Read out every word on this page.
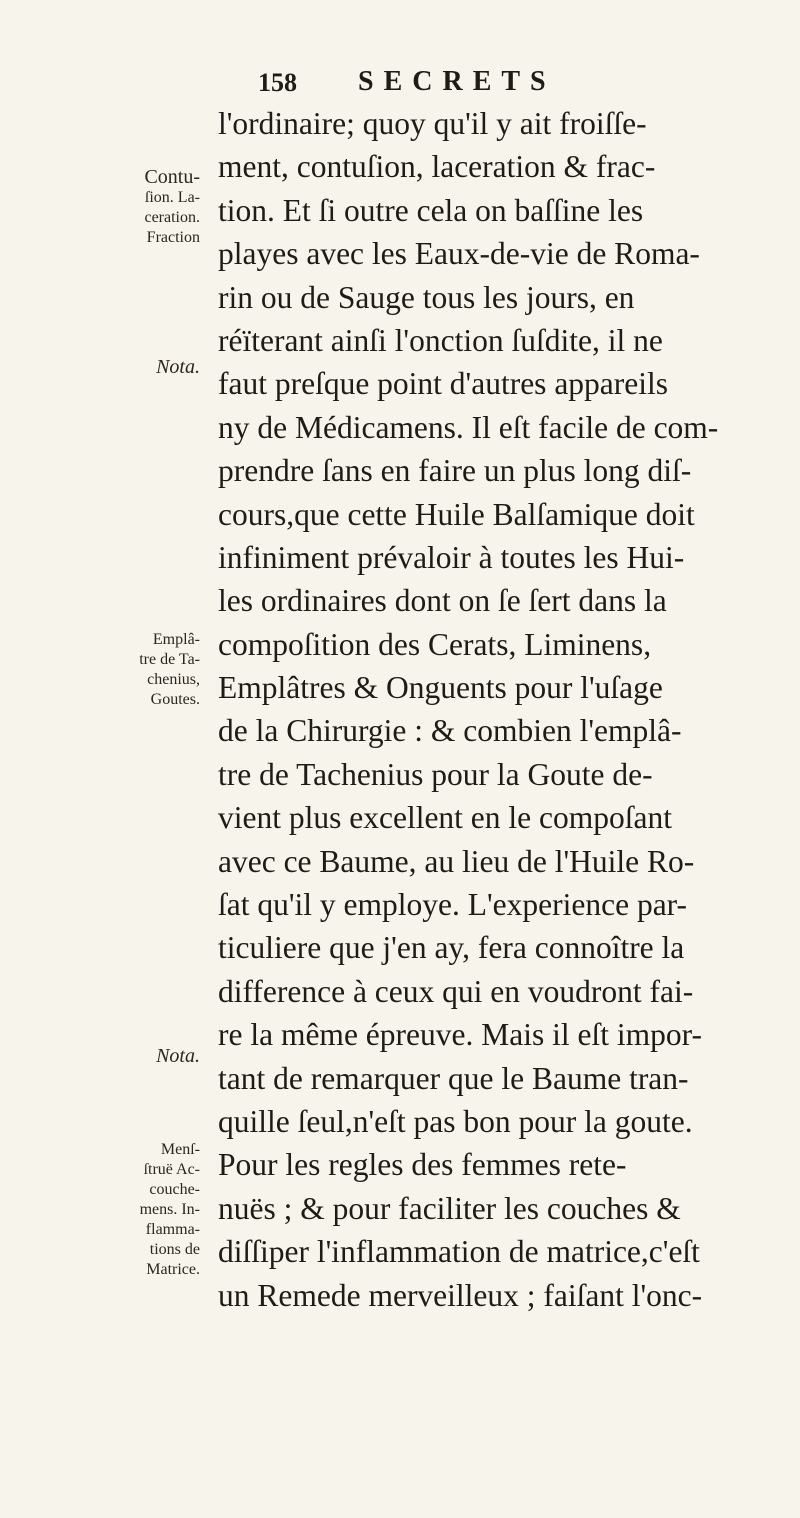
158 SECRETS
l'ordinaire; quoy qu'il y ait froiſſe-
ment, contuſion, laceration & frac-
tion. Et ſi outre cela on baſſine les
playes avec les Eaux-de-vie de Roma-
rin ou de Sauge tous les jours, en
réïterant ainſi l'onction ſuſdite, il ne
faut preſque point d'autres appareils
ny de Médicamens. Il eſt facile de com-
prendre ſans en faire un plus long diſ-
cours,que cette Huile Balſamique doit
infiniment prévaloir à toutes les Hui-
les ordinaires dont on ſe ſert dans la
compoſition des Cerats, Liminens,
Emplâtres & Onguents pour l'uſage
de la Chirurgie : & combien l'emplâ-
tre de Tachenius pour la Goute de-
vient plus excellent en le compoſant
avec ce Baume, au lieu de l'Huile Ro-
ſat qu'il y employe. L'experience par-
ticuliere que j'en ay, fera connoître la
difference à ceux qui en voudront fai-
re la même épreuve. Mais il eſt impor-
tant de remarquer que le Baume tran-
quille ſeul,n'eſt pas bon pour la goute.
Pour les regles des femmes rete-
nuës ; & pour faciliter les couches &
diſſiper l'inflammation de matrice,c'eſt
un Remede merveilleux ; faiſant l'onc-
Contu-
ſion. La-
ceration.
Fraction
Nota.
Emplâ-
tre de Ta-
chenius,
Goutes.
Nota.
Menſ-
ſtruë Ac-
couche-
mens. In-
flamma-
tions de
Matrice.
